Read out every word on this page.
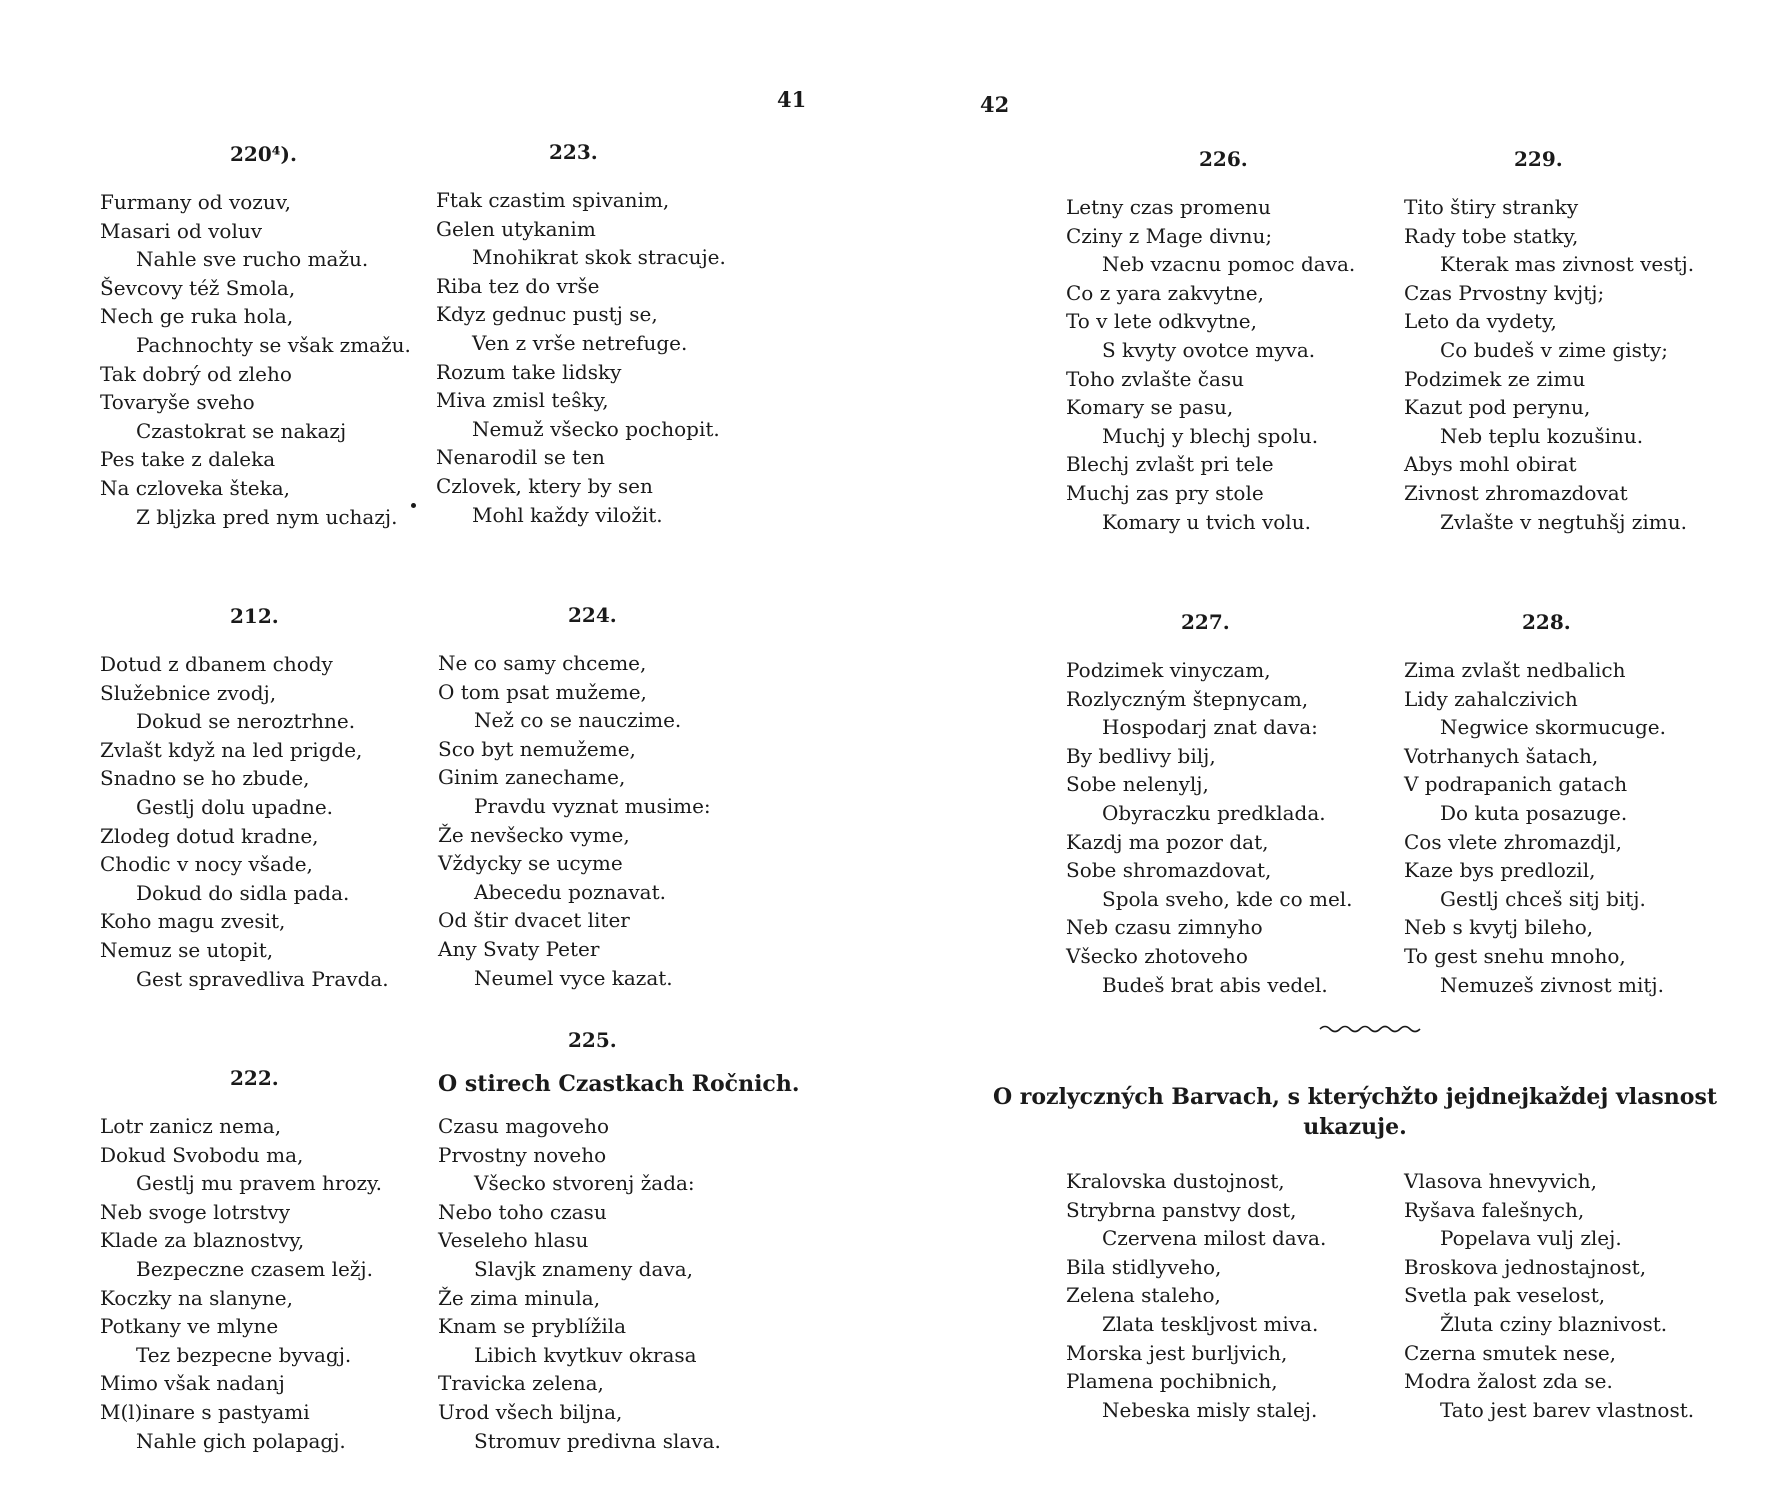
41	42
220⁴).
Furmany od vozuv,
Masari od voluv
Nahle sve rucho mažu.
Ševcovy též Smola,
Nech ge ruka hola,
Pachnochty se však zmažu.
Tak dobrý od zleho
Tovaryše sveho
Czastokrat se nakazj
Pes take z daleka
Na czloveka šteka,
Z bljzka pred nym uchazj.
223.
Ftak czastim spivanim,
Gelen utykanim
Mnohikrat skok stracuje.
Riba tez do vrše
Kdyz gednuc pustj se,
Ven z vrše netrefuge.
Rozum take lidsky
Miva zmisl teŝky,
Nemuž všecko pochopit.
Nenarodil se ten
Czlovek, ktery by sen
Mohl každy viložit.
212.
Dotud z dbanem chody
Služebnice zvodj,
Dokud se neroztrhne.
Zvlašt když na led prigde,
Snadno se ho zbude,
Gestlj dolu upadne.
Zlodeg dotud kradne,
Chodic v nocy všade,
Dokud do sidla pada.
Koho magu zvesit,
Nemuz se utopit,
Gest spravedliva Pravda.
224.
Ne co samy chceme,
O tom psat mužeme,
Než co se nauczime.
Sco byt nemužeme,
Ginim zanechame,
Pravdu vyznat musime:
Že nevšecko vyme,
Vždycky se ucyme
Abecedu poznavat.
Od štir dvacet liter
Any Svaty Peter
Neumel vyce kazat.
222.
Lotr zanicz nema,
Dokud Svobodu ma,
Gestlj mu pravem hrozy.
Neb svoge lotrstvy
Klade za blaznostvy,
Bezpeczne czasem ležj.
Koczky na slanyne,
Potkany ve mlyne
Tez bezpecne byvagj.
Mimo však nadanj
M(l)inare s pastyami
Nahle gich polapagj.
225.
O stirech Czastkach Ročnich.
Czasu magoveho
Prvostny noveho
Všecko stvorenj žada:
Nebo toho czasu
Veseleho hlasu
Slavjk znameny dava,
Že zima minula,
Knam se pryblížila
Libich kvytkuv okrasa
Travicka zelena,
Urod všech biljna,
Stromuv predivna slava.
226.
Letny czas promenu
Cziny z Mage divnu;
Neb vzacnu pomoc dava.
Co z yara zakvytne,
To v lete odkvytne,
S kvyty ovotce myva.
Toho zvlašte času
Komary se pasu,
Muchj y blechj spolu.
Blechj zvlašt pri tele
Muchj zas pry stole
Komary u tvich volu.
229.
Tito štiry stranky
Rady tobe statky,
Kterak mas zivnost vestj.
Czas Prvostny kvjtj;
Leto da vydety,
Co budeš v zime gisty;
Podzimek ze zimu
Kazut pod perynu,
Neb teplu kozušinu.
Abys mohl obirat
Zivnost zhromazdovat
Zvlašte v negtuhšj zimu.
227.
Podzimek vinyczam,
Rozlyczným štepnycam,
Hospodarj znat dava:
By bedlivy bilj,
Sobe nelenylj,
Obyraczku predklada.
Kazdj ma pozor dat,
Sobe shromazdovat,
Spola sveho, kde co mel.
Neb czasu zimnyho
Všecko zhotoveho
Budeš brat abis vedel.
228.
Zima zvlašt nedbalich
Lidy zahalczivich
Negwice skormucuge.
Votrhanych šatach,
V podrapanich gatach
Do kuta posazuge.
Cos vlete zhromazdjl,
Kaze bys predlozil,
Gestlj chceš sitj bitj.
Neb s kvytj bileho,
To gest snehu mnoho,
Nemuzeš zivnost mitj.
O rozlyczných Barvach, s kterýchžto jejdnejkaždej vlasnost ukazuje.
Kralovska dustojnost,
Strybrna panstvy dost,
Czervena milost dava.
Bila stidlyveho,
Zelena staleho,
Zlata teskljvost miva.
Morska jest burljvich,
Plamena pochibnich,
Nebeska misly stalej.
Vlasova hnevyvich,
Ryšava falešnych,
Popelava vulj zlej.
Broskova jednostajnost,
Svetla pak veselost,
Žluta cziny blaznivost.
Czerna smutek nese,
Modra žalost zda se.
Tato jest barev vlastnost.
